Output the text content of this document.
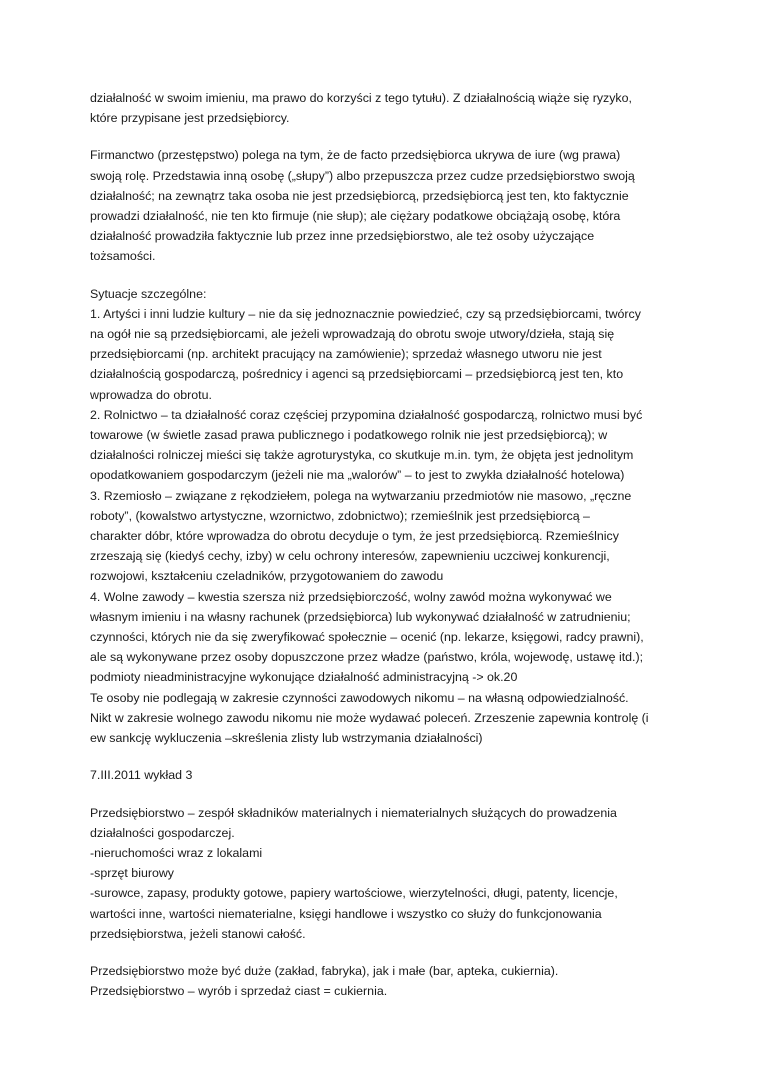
działalność w swoim imieniu, ma prawo do korzyści z tego tytułu). Z działalnością wiąże się ryzyko,

które przypisane jest przedsiębiorcy.

Firmanctwo (przestępstwo) polega na tym, że de facto przedsiębiorca ukrywa de iure (wg prawa)

swoją rolę. Przedstawia inną osobę („słupy”) albo przepuszcza przez cudze przedsiębiorstwo swoją

działalność; na zewnątrz taka osoba nie jest przedsiębiorcą, przedsiębiorcą jest ten, kto faktycznie

prowadzi działalność, nie ten kto firmuje (nie słup); ale ciężary podatkowe obciążają osobę, która

działalność prowadziła faktycznie lub przez inne przedsiębiorstwo, ale też osoby użyczające

tożsamości.

Sytuacje szczególne:

1. Artyści i inni ludzie kultury – nie da się jednoznacznie powiedzieć, czy są przedsiębiorcami, twórcy

na ogół nie są przedsiębiorcami, ale jeżeli wprowadzają do obrotu swoje utwory/dzieła, stają się

przedsiębiorcami (np. architekt pracujący na zamówienie); sprzedaż własnego utworu nie jest

działalnością gospodarczą, pośrednicy i agenci są przedsiębiorcami – przedsiębiorcą jest ten, kto

wprowadza do obrotu.

2. Rolnictwo – ta działalność coraz częściej przypomina działalność gospodarczą, rolnictwo musi być

towarowe (w świetle zasad prawa publicznego i podatkowego rolnik nie jest przedsiębiorcą); w

działalności rolniczej mieści się także agroturystyka, co skutkuje m.in. tym, że objęta jest jednolitym

opodatkowaniem gospodarczym (jeżeli nie ma „walorów” – to jest to zwykła działalność hotelowa)

3. Rzemiosło – związane z rękodziełem, polega na wytwarzaniu przedmiotów nie masowo, „ręczne

roboty”, (kowalstwo artystyczne, wzornictwo, zdobnictwo); rzemieślnik jest przedsiębiorcą –

charakter dóbr, które wprowadza do obrotu decyduje o tym, że jest przedsiębiorcą. Rzemieślnicy

zrzeszają się (kiedyś cechy, izby) w celu ochrony interesów, zapewnieniu uczciwej konkurencji,

rozwojowi, kształceniu czeladników, przygotowaniem do zawodu

4. Wolne zawody – kwestia szersza niż przedsiębiorczość, wolny zawód można wykonywać we

własnym imieniu i na własny rachunek (przedsiębiorca) lub wykonywać działalność w zatrudnieniu;

czynności, których nie da się zweryfikować społecznie – ocenić (np. lekarze, księgowi, radcy prawni),

ale są wykonywane przez osoby dopuszczone przez władze (państwo, króla, wojewodę, ustawę itd.);

podmioty nieadministracyjne wykonujące działalność administracyjną -> ok.20

Te osoby nie podlegają w zakresie czynności zawodowych nikomu – na własną odpowiedzialność.

Nikt w zakresie wolnego zawodu nikomu nie może wydawać poleceń. Zrzeszenie zapewnia kontrolę (i

ew sankcję wykluczenia –skreślenia zlisty lub wstrzymania działalności)

7.III.2011 wykład 3

Przedsiębiorstwo – zespół składników materialnych i niematerialnych służących do prowadzenia

działalności gospodarczej.

-nieruchomości wraz z lokalami

-sprzęt biurowy

-surowce, zapasy, produkty gotowe, papiery wartościowe, wierzytelności, długi, patenty, licencje,

wartości inne, wartości niematerialne, księgi handlowe i wszystko co służy do funkcjonowania

przedsiębiorstwa, jeżeli stanowi całość.

Przedsiębiorstwo może być duże (zakład, fabryka), jak i małe (bar, apteka, cukiernia).

Przedsiębiorstwo – wyrób i sprzedaż ciast = cukiernia.
